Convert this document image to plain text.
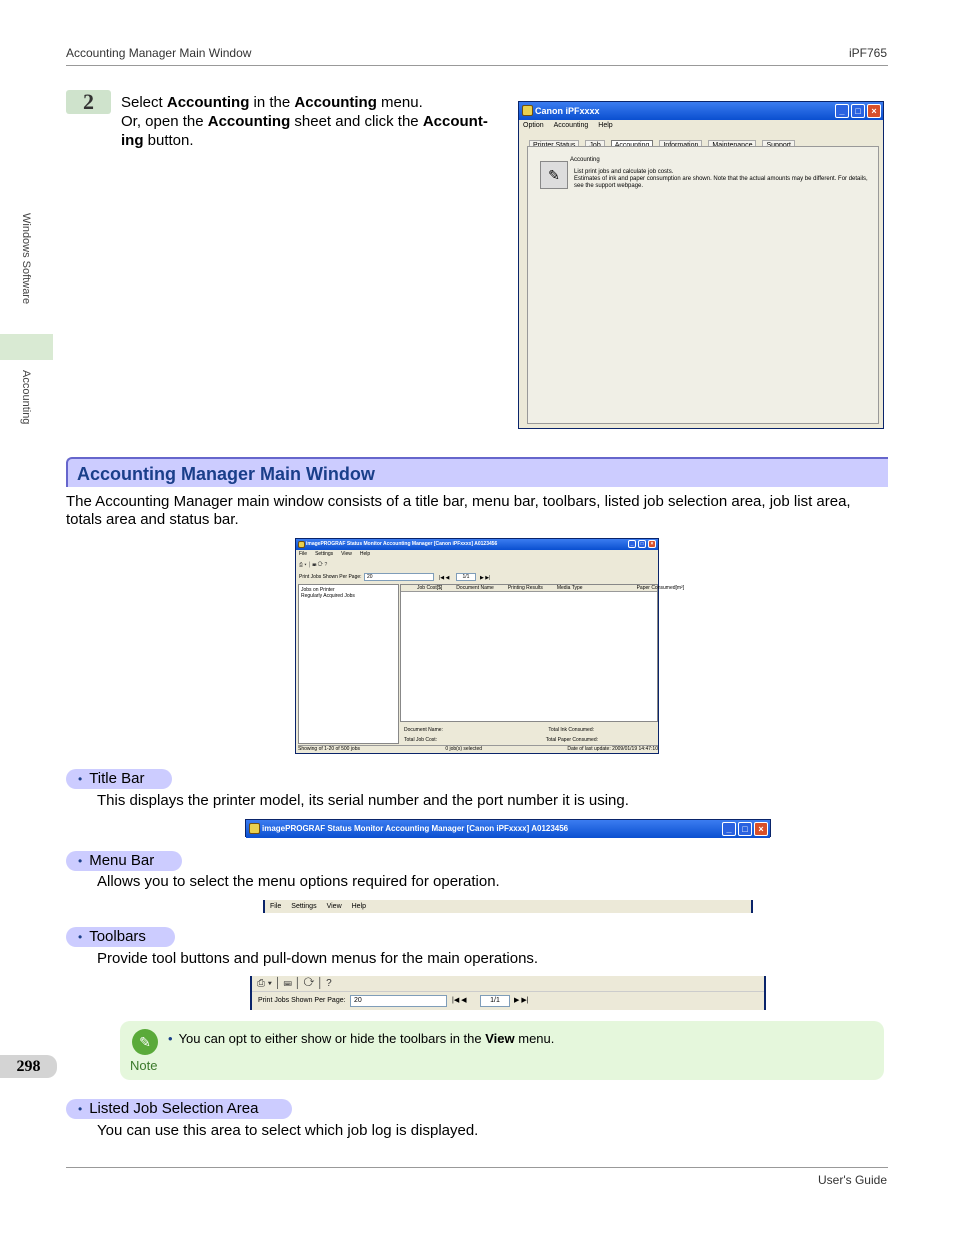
Accounting Manager Main Window	iPF765
Windows Software
Accounting
2	Select Accounting in the Accounting menu.
Or, open the Accounting sheet and click the Account-
ing button.
Canon iPFxxxx	_	□	×
Option Accounting Help
Accounting
✎	List print jobs and calculate job costs.
Estimates of ink and paper consumption are shown. Note that the actual amounts may be different. For details,
see the support webpage.
Accounting Manager Main Window
The Accounting Manager main window consists of a title bar, menu bar, toolbars, listed job selection area, job list area, totals area and status bar.
imagePROGRAF Status Monitor Accounting Manager [Canon iPFxxxx] A0123456	_	□	×
File Settings View Help
⎙ ▾ │ ⌨ ⟳ ?
Print Jobs Shown Per Page:	20	|◀ ◀	1/1	▶ ▶|
Jobs on Printer
Regularly Acquired Jobs
Job Cost[$]	Document Name	Printing Results	Media Type	Paper Consumed[m²]
Document Name:	Total Ink Consumed:
Total Job Cost:	Total Paper Consumed:
Showing of 1-20 of 500 jobs	0 job(s) selected	Date of last update: 2009/01/19 14:47:10
• Title Bar
This displays the printer model, its serial number and the port number it is using.
imagePROGRAF Status Monitor Accounting Manager [Canon iPFxxxx] A0123456	_	□	×
• Menu Bar
Allows you to select the menu options required for operation.
File Settings View Help
• Toolbars
Provide tool buttons and pull-down menus for the main operations.
⎙ ▾ │ ⌨ │ ⟳ │ ?
Print Jobs Shown Per Page:	20	|◀ ◀	1/1	▶ ▶|
✎
Note
• You can opt to either show or hide the toolbars in the View menu.
298
• Listed Job Selection Area
You can use this area to select which job log is displayed.
User's Guide
